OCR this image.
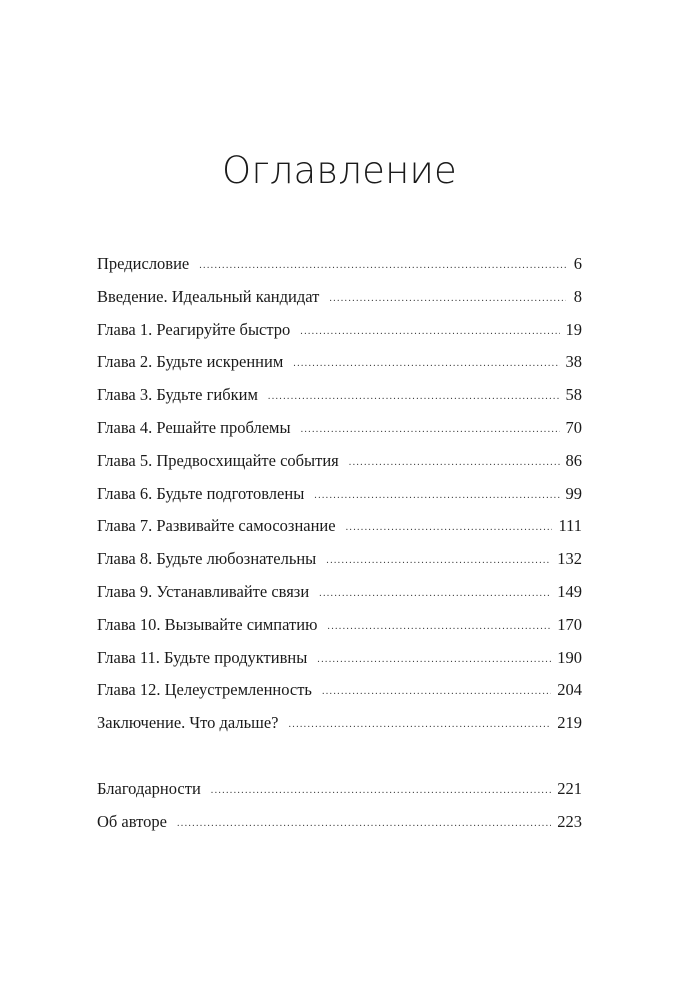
Оглавление
Предисловие .....	6
Введение. Идеальный кандидат .....	8
Глава 1. Реагируйте быстро .....	19
Глава 2. Будьте искренним .....	38
Глава 3. Будьте гибким .....	58
Глава 4. Решайте проблемы .....	70
Глава 5. Предвосхищайте события .....	86
Глава 6. Будьте подготовлены .....	99
Глава 7. Развивайте самосознание .....	111
Глава 8. Будьте любознательны .....	132
Глава 9. Устанавливайте связи .....	149
Глава 10. Вызывайте симпатию .....	170
Глава 11. Будьте продуктивны .....	190
Глава 12. Целеустремленность .....	204
Заключение. Что дальше? .....	219
Благодарности .....	221
Об авторе .....	223
